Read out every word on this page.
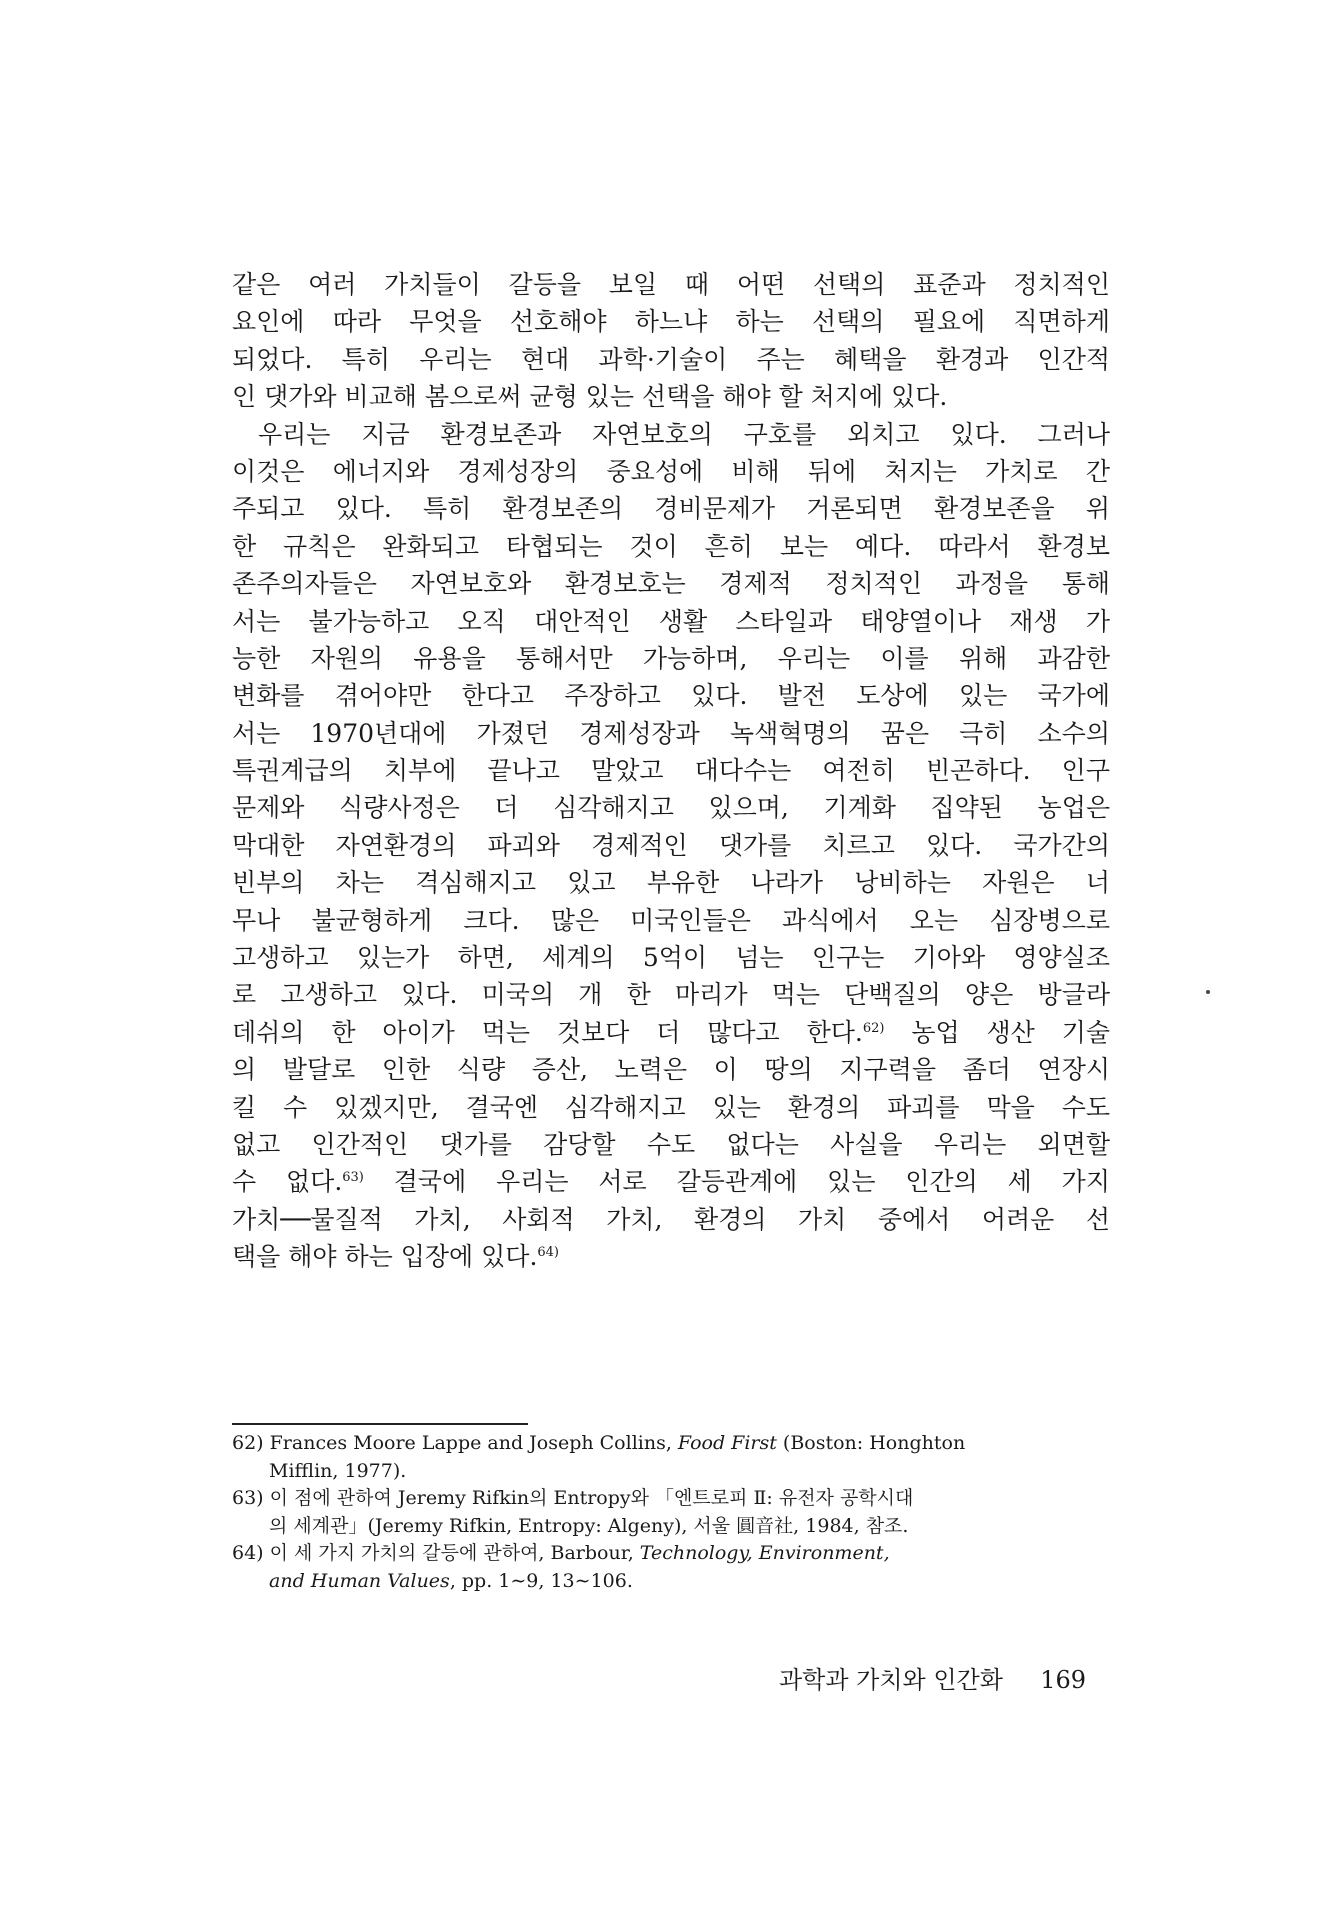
같은 여러 가치들이 갈등을 보일 때 어떤 선택의 표준과 정치적인
요인에 따라 무엇을 선호해야 하느냐 하는 선택의 필요에 직면하게
되었다. 특히 우리는 현대 과학·기술이 주는 혜택을 환경과 인간적
인 댓가와 비교해 봄으로써 균형 있는 선택을 해야 할 처지에 있다.
우리는 지금 환경보존과 자연보호의 구호를 외치고 있다. 그러나
이것은 에너지와 경제성장의 중요성에 비해 뒤에 처지는 가치로 간
주되고 있다. 특히 환경보존의 경비문제가 거론되면 환경보존을 위
한 규칙은 완화되고 타협되는 것이 흔히 보는 예다. 따라서 환경보
존주의자들은 자연보호와 환경보호는 경제적 정치적인 과정을 통해
서는 불가능하고 오직 대안적인 생활 스타일과 태양열이나 재생 가
능한 자원의 유용을 통해서만 가능하며, 우리는 이를 위해 과감한
변화를 겪어야만 한다고 주장하고 있다. 발전 도상에 있는 국가에
서는 1970년대에 가졌던 경제성장과 녹색혁명의 꿈은 극히 소수의
특권계급의 치부에 끝나고 말았고 대다수는 여전히 빈곤하다. 인구
문제와 식량사정은 더 심각해지고 있으며, 기계화 집약된 농업은
막대한 자연환경의 파괴와 경제적인 댓가를 치르고 있다. 국가간의
빈부의 차는 격심해지고 있고 부유한 나라가 낭비하는 자원은 너
무나 불균형하게 크다. 많은 미국인들은 과식에서 오는 심장병으로
고생하고 있는가 하면, 세계의 5억이 넘는 인구는 기아와 영양실조
로 고생하고 있다. 미국의 개 한 마리가 먹는 단백질의 양은 방글라
데쉬의 한 아이가 먹는 것보다 더 많다고 한다.$^{62)}$ 농업 생산 기술
의 발달로 인한 식량 증산, 노력은 이 땅의 지구력을 좀더 연장시
킬 수 있겠지만, 결국엔 심각해지고 있는 환경의 파괴를 막을 수도
없고 인간적인 댓가를 감당할 수도 없다는 사실을 우리는 외면할
수 없다.$^{63)}$ 결국에 우리는 서로 갈등관계에 있는 인간의 세 가지
가치──물질적 가치, 사회적 가치, 환경의 가치 중에서 어려운 선
택을 해야 하는 입장에 있다.$^{64)}$
62) Frances Moore Lappe and Joseph Collins, Food First (Boston: Honghton
Mifflin, 1977).
63) 이 점에 관하여 Jeremy Rifkin의 Entropy와 「엔트로피 Ⅱ: 유전자 공학시대
의 세계관」(Jeremy Rifkin, Entropy: Algeny), 서울 圓音社, 1984, 참조.
64) 이 세 가지 가치의 갈등에 관하여, Barbour, Technology, Environment,
and Human Values, pp. 1∼9, 13∼106.
과학과 가치와 인간화 169
